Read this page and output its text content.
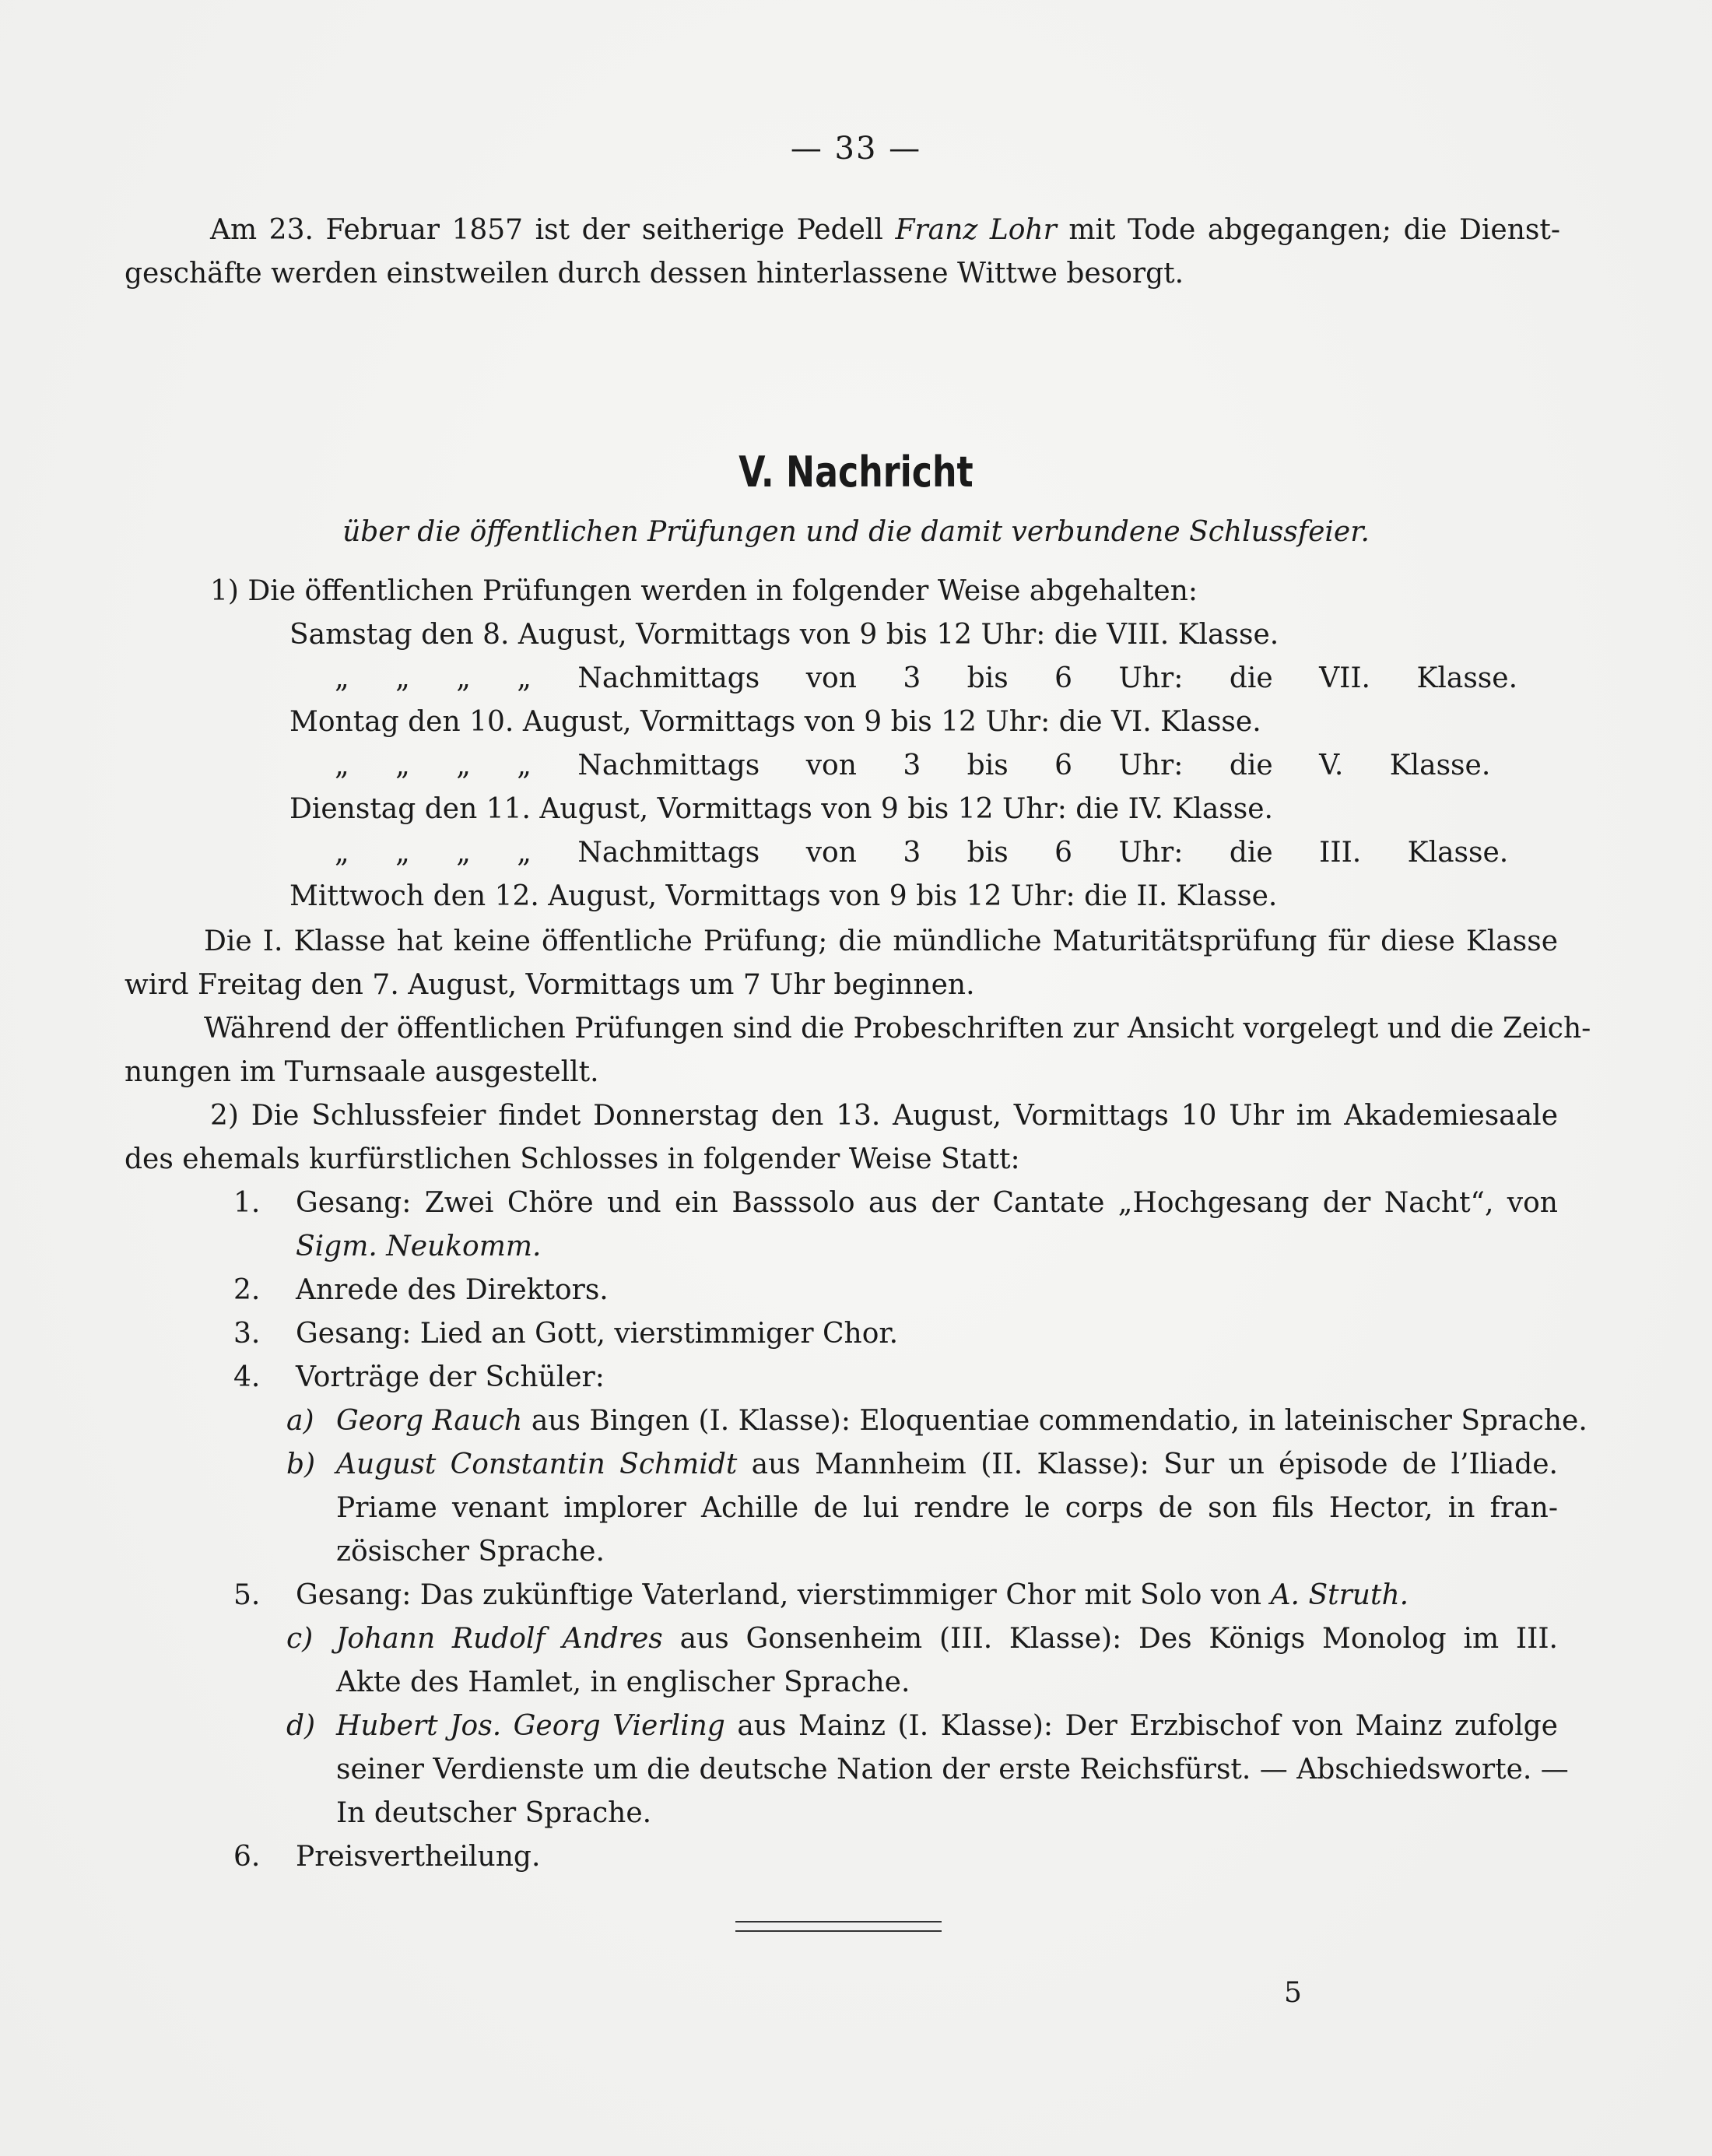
— 33 —
Am 23. Februar 1857 ist der seitherige Pedell Franz Lohr mit Tode abgegangen; die Dienst-
geschäfte werden einstweilen durch dessen hinterlassene Wittwe besorgt.
V. Nachricht
über die öffentlichen Prüfungen und die damit verbundene Schlussfeier.
1) Die öffentlichen Prüfungen werden in folgender Weise abgehalten:
Samstag den 8. August, Vormittags von 9 bis 12 Uhr: die VIII. Klasse.
„ „ „ „ Nachmittags von 3 bis 6 Uhr: die VII. Klasse.
Montag den 10. August, Vormittags von 9 bis 12 Uhr: die VI. Klasse.
„ „ „ „ Nachmittags von 3 bis 6 Uhr: die V. Klasse.
Dienstag den 11. August, Vormittags von 9 bis 12 Uhr: die IV. Klasse.
„ „ „ „ Nachmittags von 3 bis 6 Uhr: die III. Klasse.
Mittwoch den 12. August, Vormittags von 9 bis 12 Uhr: die II. Klasse.
Die I. Klasse hat keine öffentliche Prüfung; die mündliche Maturitätsprüfung für diese Klasse
wird Freitag den 7. August, Vormittags um 7 Uhr beginnen.
Während der öffentlichen Prüfungen sind die Probeschriften zur Ansicht vorgelegt und die Zeich-
nungen im Turnsaale ausgestellt.
2) Die Schlussfeier findet Donnerstag den 13. August, Vormittags 10 Uhr im Akademiesaale
des ehemals kurfürstlichen Schlosses in folgender Weise Statt:
1. Gesang: Zwei Chöre und ein Basssolo aus der Cantate „Hochgesang der Nacht“, von
Sigm. Neukomm.
2. Anrede des Direktors.
3. Gesang: Lied an Gott, vierstimmiger Chor.
4. Vorträge der Schüler:
a) Georg Rauch aus Bingen (I. Klasse): Eloquentiae commendatio, in lateinischer Sprache.
b) August Constantin Schmidt aus Mannheim (II. Klasse): Sur un épisode de l’Iliade.
Priame venant implorer Achille de lui rendre le corps de son fils Hector, in fran-
zösischer Sprache.
5. Gesang: Das zukünftige Vaterland, vierstimmiger Chor mit Solo von A. Struth.
c) Johann Rudolf Andres aus Gonsenheim (III. Klasse): Des Königs Monolog im III.
Akte des Hamlet, in englischer Sprache.
d) Hubert Jos. Georg Vierling aus Mainz (I. Klasse): Der Erzbischof von Mainz zufolge
seiner Verdienste um die deutsche Nation der erste Reichsfürst. — Abschiedsworte. —
In deutscher Sprache.
6. Preisvertheilung.
5
